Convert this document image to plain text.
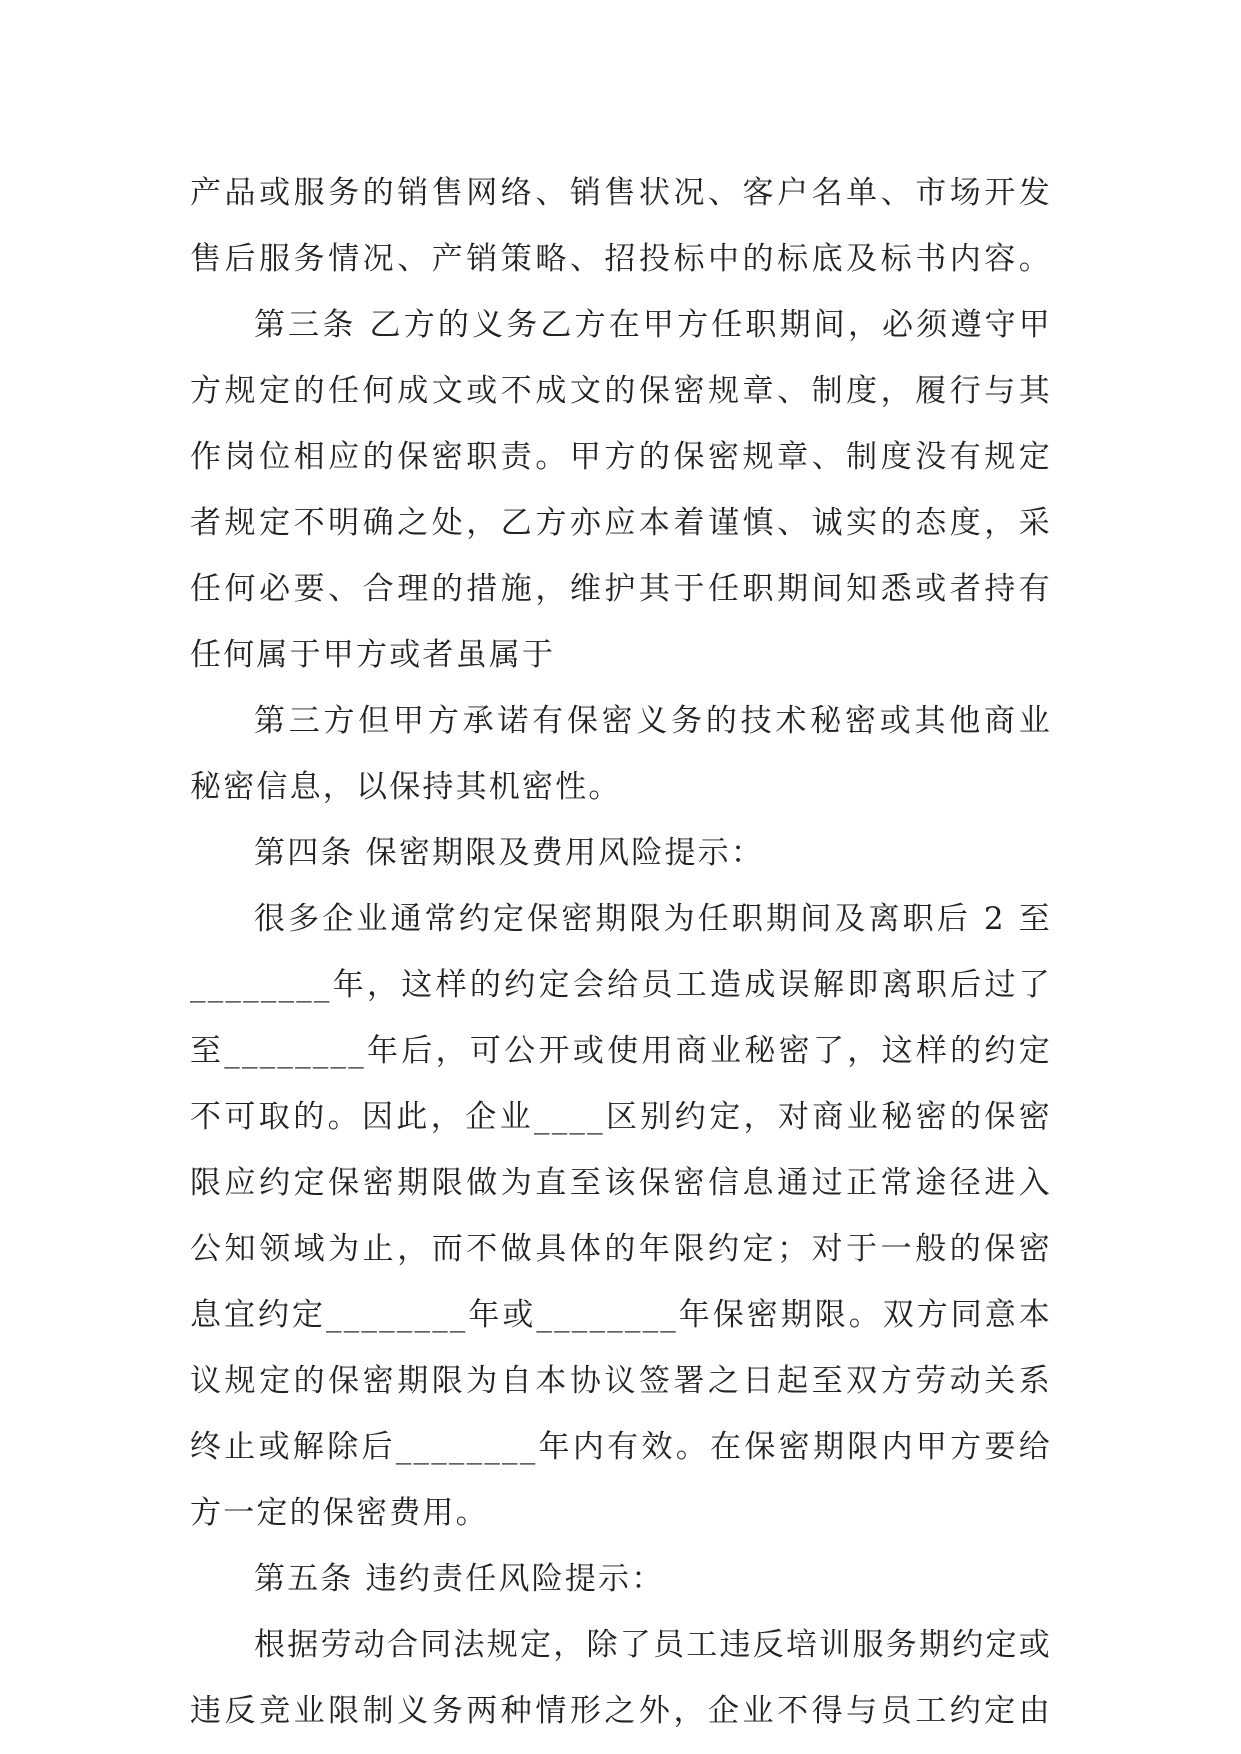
产品或服务的销售网络、销售状况、客户名单、市场开发
售后服务情况、产销策略、招投标中的标底及标书内容。
第三条 乙方的义务乙方在甲方任职期间，必须遵守甲
方规定的任何成文或不成文的保密规章、制度，履行与其
作岗位相应的保密职责。甲方的保密规章、制度没有规定
者规定不明确之处，乙方亦应本着谨慎、诚实的态度，采
任何必要、合理的措施，维护其于任职期间知悉或者持有
任何属于甲方或者虽属于
第三方但甲方承诺有保密义务的技术秘密或其他商业
秘密信息，以保持其机密性。
第四条 保密期限及费用风险提示：
很多企业通常约定保密期限为任职期间及离职后 2 至
________年，这样的约定会给员工造成误解即离职后过了
至________年后，可公开或使用商业秘密了，这样的约定
不可取的。因此，企业____区别约定，对商业秘密的保密
限应约定保密期限做为直至该保密信息通过正常途径进入
公知领域为止，而不做具体的年限约定；对于一般的保密
息宜约定________年或________年保密期限。双方同意本
议规定的保密期限为自本协议签署之日起至双方劳动关系
终止或解除后________年内有效。在保密期限内甲方要给
方一定的保密费用。
第五条 违约责任风险提示：
根据劳动合同法规定，除了员工违反培训服务期约定或
违反竞业限制义务两种情形之外，企业不得与员工约定由
